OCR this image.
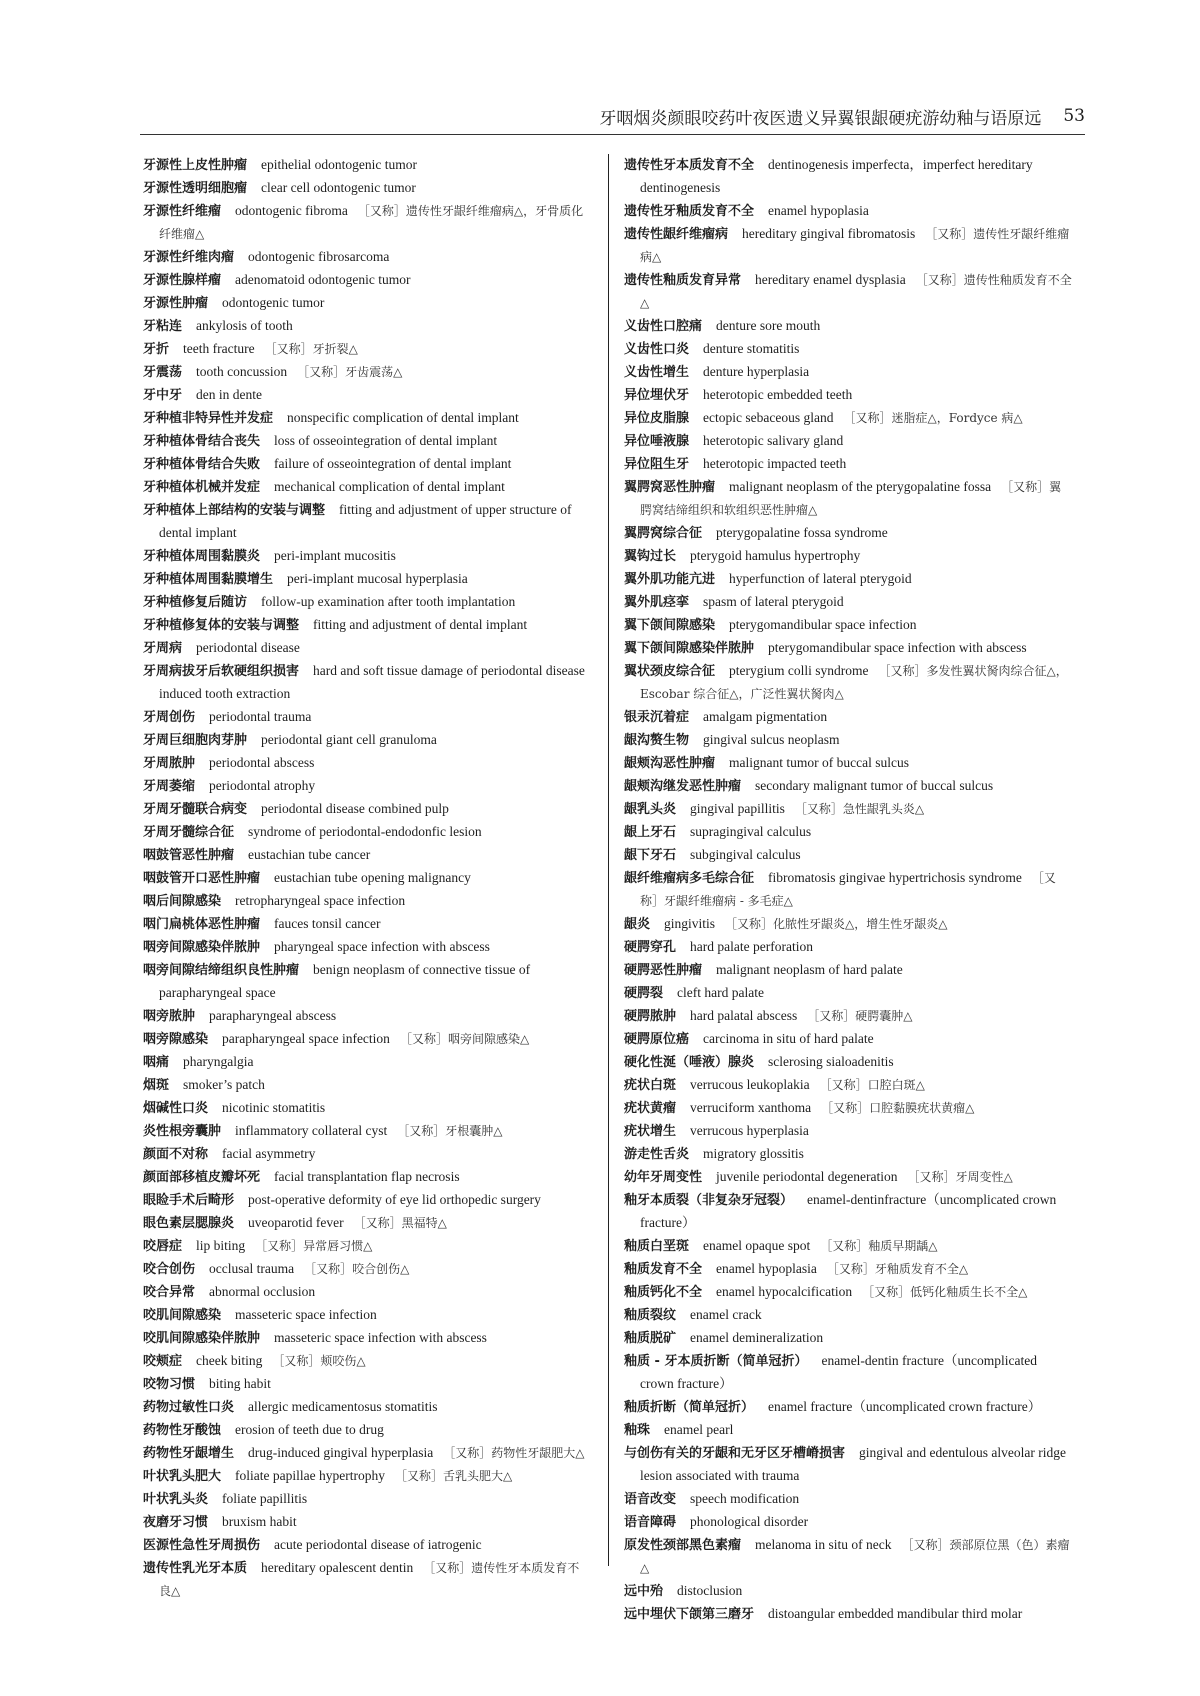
牙咽烟炎颜眼咬药叶夜医遗义异翼银龈硬疣游幼釉与语原远 53

牙源性上皮性肿瘤 epithelial odontogenic tumor

牙源性透明细胞瘤 clear cell odontogenic tumor

牙源性纤维瘤 odontogenic fibroma ［又称］遗传性牙龈纤维瘤病△，牙骨质化纤维瘤△

牙源性纤维肉瘤 odontogenic fibrosarcoma

牙源性腺样瘤 adenomatoid odontogenic tumor

牙源性肿瘤 odontogenic tumor

牙粘连 ankylosis of tooth

牙折 teeth fracture ［又称］牙折裂△

牙震荡 tooth concussion ［又称］牙齿震荡△

牙中牙 den in dente

牙种植非特异性并发症 nonspecific complication of dental implant

牙种植体骨结合丧失 loss of osseointegration of dental implant

牙种植体骨结合失败 failure of osseointegration of dental implant

牙种植体机械并发症 mechanical complication of dental implant

牙种植体上部结构的安装与调整 fitting and adjustment of upper structure of dental implant

牙种植体周围黏膜炎 peri-implant mucositis

牙种植体周围黏膜增生 peri-implant mucosal hyperplasia

牙种植修复后随访 follow-up examination after tooth implantation

牙种植修复体的安装与调整 fitting and adjustment of dental implant

牙周病 periodontal disease

牙周病拔牙后软硬组织损害 hard and soft tissue damage of periodontal disease induced tooth extraction

牙周创伤 periodontal trauma

牙周巨细胞肉芽肿 periodontal giant cell granuloma

牙周脓肿 periodontal abscess

牙周萎缩 periodontal atrophy

牙周牙髓联合病变 periodontal disease combined pulp

牙周牙髓综合征 syndrome of periodontal-endodonfic lesion

咽鼓管恶性肿瘤 eustachian tube cancer

咽鼓管开口恶性肿瘤 eustachian tube opening malignancy

咽后间隙感染 retropharyngeal space infection

咽门扁桃体恶性肿瘤 fauces tonsil cancer

咽旁间隙感染伴脓肿 pharyngeal space infection with abscess

咽旁间隙结缔组织良性肿瘤 benign neoplasm of connective tissue of parapharyngeal space

咽旁脓肿 parapharyngeal abscess

咽旁隙感染 parapharyngeal space infection ［又称］咽旁间隙感染△

咽痛 pharyngalgia

烟斑 smoker’s patch

烟碱性口炎 nicotinic stomatitis

炎性根旁囊肿 inflammatory collateral cyst ［又称］牙根囊肿△

颜面不对称 facial asymmetry

颜面部移植皮瓣坏死 facial transplantation flap necrosis

眼睑手术后畸形 post-operative deformity of eye lid orthopedic surgery

眼色素层腮腺炎 uveoparotid fever ［又称］黑福特△

咬唇症 lip biting ［又称］异常唇习惯△

咬合创伤 occlusal trauma ［又称］咬合创伤△

咬合异常 abnormal occlusion

咬肌间隙感染 masseteric space infection

咬肌间隙感染伴脓肿 masseteric space infection with abscess

咬颊症 cheek biting ［又称］颊咬伤△

咬物习惯 biting habit

药物过敏性口炎 allergic medicamentosus stomatitis

药物性牙酸蚀 erosion of teeth due to drug

药物性牙龈增生 drug-induced gingival hyperplasia ［又称］药物性牙龈肥大△

叶状乳头肥大 foliate papillae hypertrophy ［又称］舌乳头肥大△

叶状乳头炎 foliate papillitis

夜磨牙习惯 bruxism habit

医源性急性牙周损伤 acute periodontal disease of iatrogenic

遗传性乳光牙本质 hereditary opalescent dentin ［又称］遗传性牙本质发育不良△

遗传性牙本质发育不全 dentinogenesis imperfecta，imperfect hereditary dentinogenesis

遗传性牙釉质发育不全 enamel hypoplasia

遗传性龈纤维瘤病 hereditary gingival fibromatosis ［又称］遗传性牙龈纤维瘤病△

遗传性釉质发育异常 hereditary enamel dysplasia ［又称］遗传性釉质发育不全△

义齿性口腔痛 denture sore mouth

义齿性口炎 denture stomatitis

义齿性增生 denture hyperplasia

异位埋伏牙 heterotopic embedded teeth

异位皮脂腺 ectopic sebaceous gland ［又称］迷脂症△，Fordyce 病△

异位唾液腺 heterotopic salivary gland

异位阻生牙 heterotopic impacted teeth

翼腭窝恶性肿瘤 malignant neoplasm of the pterygopalatine fossa ［又称］翼腭窝结缔组织和软组织恶性肿瘤△

翼腭窝综合征 pterygopalatine fossa syndrome

翼钩过长 pterygoid hamulus hypertrophy

翼外肌功能亢进 hyperfunction of lateral pterygoid

翼外肌痉挛 spasm of lateral pterygoid

翼下颌间隙感染 pterygomandibular space infection

翼下颌间隙感染伴脓肿 pterygomandibular space infection with abscess

翼状颈皮综合征 pterygium colli syndrome ［又称］多发性翼状胬肉综合征△，Escobar 综合征△，广泛性翼状胬肉△

银汞沉着症 amalgam pigmentation

龈沟赘生物 gingival sulcus neoplasm

龈颊沟恶性肿瘤 malignant tumor of buccal sulcus

龈颊沟继发恶性肿瘤 secondary malignant tumor of buccal sulcus

龈乳头炎 gingival papillitis ［又称］急性龈乳头炎△

龈上牙石 supragingival calculus

龈下牙石 subgingival calculus

龈纤维瘤病多毛综合征 fibromatosis gingivae hypertrichosis syndrome ［又称］牙龈纤维瘤病 - 多毛症△

龈炎 gingivitis ［又称］化脓性牙龈炎△，增生性牙龈炎△

硬腭穿孔 hard palate perforation

硬腭恶性肿瘤 malignant neoplasm of hard palate

硬腭裂 cleft hard palate

硬腭脓肿 hard palatal abscess ［又称］硬腭囊肿△

硬腭原位癌 carcinoma in situ of hard palate

硬化性涎（唾液）腺炎 sclerosing sialoadenitis

疣状白斑 verrucous leukoplakia ［又称］口腔白斑△

疣状黄瘤 verruciform xanthoma ［又称］口腔黏膜疣状黄瘤△

疣状增生 verrucous hyperplasia

游走性舌炎 migratory glossitis

幼年牙周变性 juvenile periodontal degeneration ［又称］牙周变性△

釉牙本质裂（非复杂牙冠裂） enamel-dentinfracture（uncomplicated crown fracture）

釉质白垩斑 enamel opaque spot ［又称］釉质早期龋△

釉质发育不全 enamel hypoplasia ［又称］牙釉质发育不全△

釉质钙化不全 enamel hypocalcification ［又称］低钙化釉质生长不全△

釉质裂纹 enamel crack

釉质脱矿 enamel demineralization

釉质 - 牙本质折断（简单冠折） enamel-dentin fracture（uncomplicated crown fracture）

釉质折断（简单冠折） enamel fracture（uncomplicated crown fracture）

釉珠 enamel pearl

与创伤有关的牙龈和无牙区牙槽嵴损害 gingival and edentulous alveolar ridge lesion associated with trauma

语音改变 speech modification

语音障碍 phonological disorder

原发性颈部黑色素瘤 melanoma in situ of neck ［又称］颈部原位黑（色）素瘤△

远中殆 distoclusion

远中埋伏下颌第三磨牙 distoangular embedded mandibular third molar
